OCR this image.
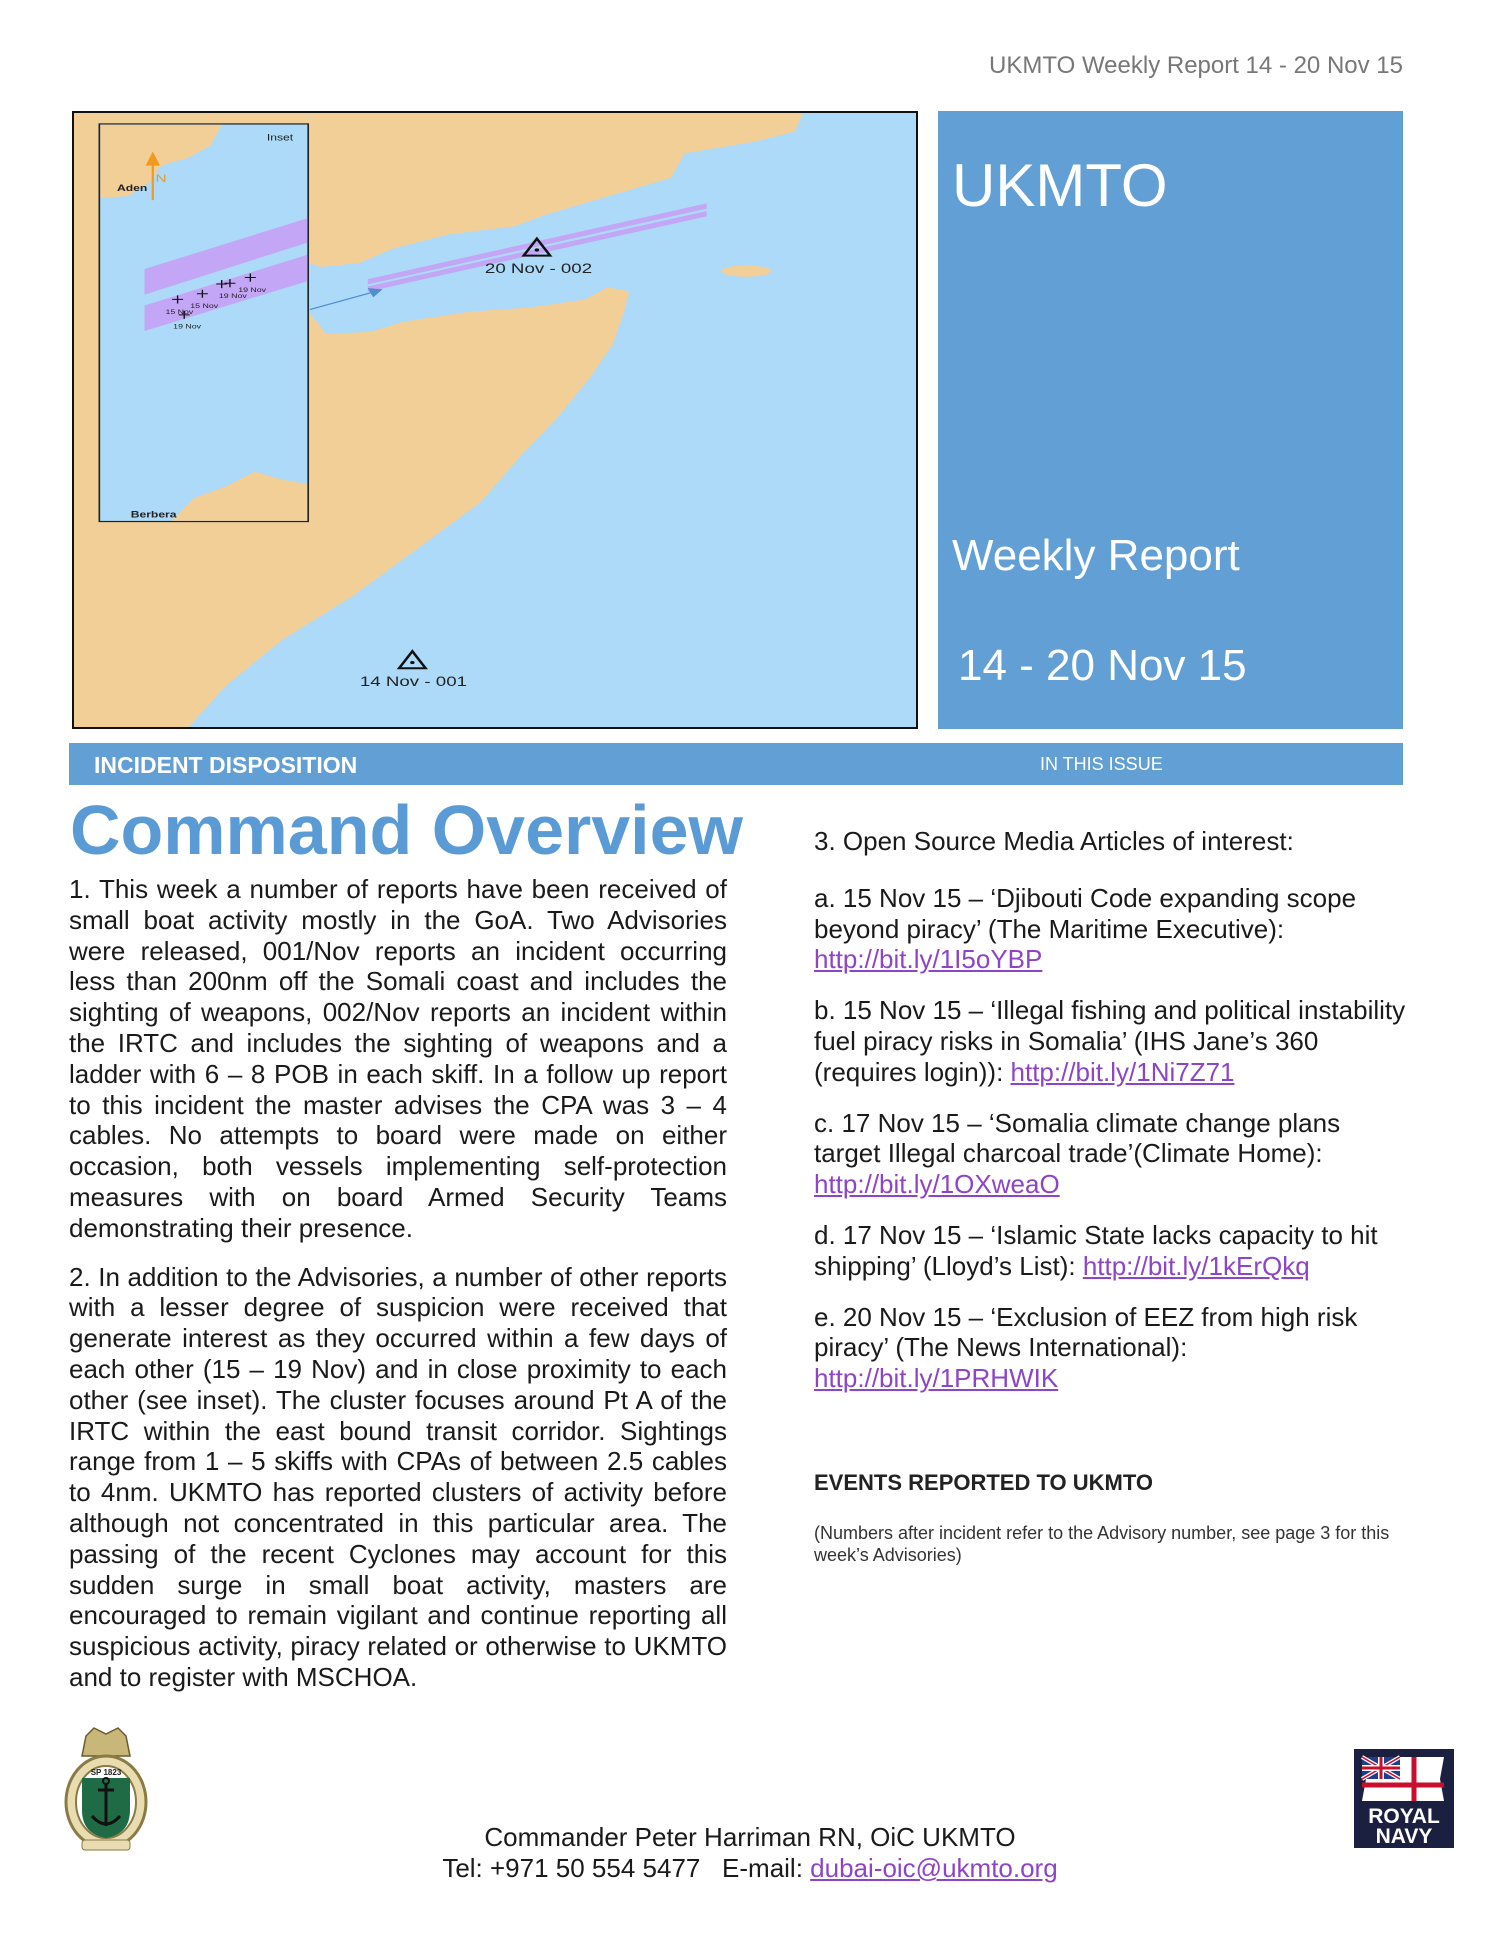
UKMTO Weekly Report 14 - 20 Nov 15
20 Nov - 002
14 Nov - 001
15 Nov
15 Nov
19 Nov
19 Nov
19 Nov
N
Inset
Aden
Berbera
UKMTO
Weekly Report
14 - 20 Nov 15
INCIDENT DISPOSITION	IN THIS ISSUE
Command Overview

1. This week a number of reports have been received of small boat activity mostly in the GoA. Two Advisories were released, 001/Nov reports an incident occurring less than 200nm off the Somali coast and includes the sighting of weapons, 002/Nov reports an incident within the IRTC and includes the sighting of weapons and a ladder with 6 – 8 POB in each skiff. In a follow up report to this incident the master advises the CPA was 3 – 4 cables. No attempts to board were made on either occasion, both vessels implementing self-protection measures with on board Armed Security Teams demonstrating their presence.

2. In addition to the Advisories, a number of other reports with a lesser degree of suspicion were received that generate interest as they occurred within a few days of each other (15 – 19 Nov) and in close proximity to each other (see inset). The cluster focuses around Pt A of the IRTC within the east bound transit corridor. Sightings range from 1 – 5 skiffs with CPAs of between 2.5 cables to 4nm. UKMTO has reported clusters of activity before although not concentrated in this particular area. The passing of the recent Cyclones may account for this sudden surge in small boat activity, masters are encouraged to remain vigilant and continue reporting all suspicious activity, piracy related or otherwise to UKMTO and to register with MSCHOA.

3. Open Source Media Articles of interest:

a. 15 Nov 15 – ‘Djibouti Code expanding scope beyond piracy’ (The Maritime Executive): http://bit.ly/1I5oYBP

b. 15 Nov 15 – ‘Illegal fishing and political instability fuel piracy risks in Somalia’ (IHS Jane’s 360 (requires login)): http://bit.ly/1Ni7Z71

c. 17 Nov 15 – ‘Somalia climate change plans target Illegal charcoal trade’(Climate Home): http://bit.ly/1OXweaO

d. 17 Nov 15 – ‘Islamic State lacks capacity to hit shipping’ (Lloyd’s List): http://bit.ly/1kErQkq

e. 20 Nov 15 – ‘Exclusion of EEZ from high risk piracy’ (The News International): http://bit.ly/1PRHWIK

EVENTS REPORTED TO UKMTO
(Numbers after incident refer to the Advisory number, see page 3 for this week’s Advisories)
SP 1823
ROYAL
NAVY
Commander Peter Harriman RN, OiC UKMTO
Tel: +971 50 554 5477   E-mail: dubai-oic@ukmto.org
